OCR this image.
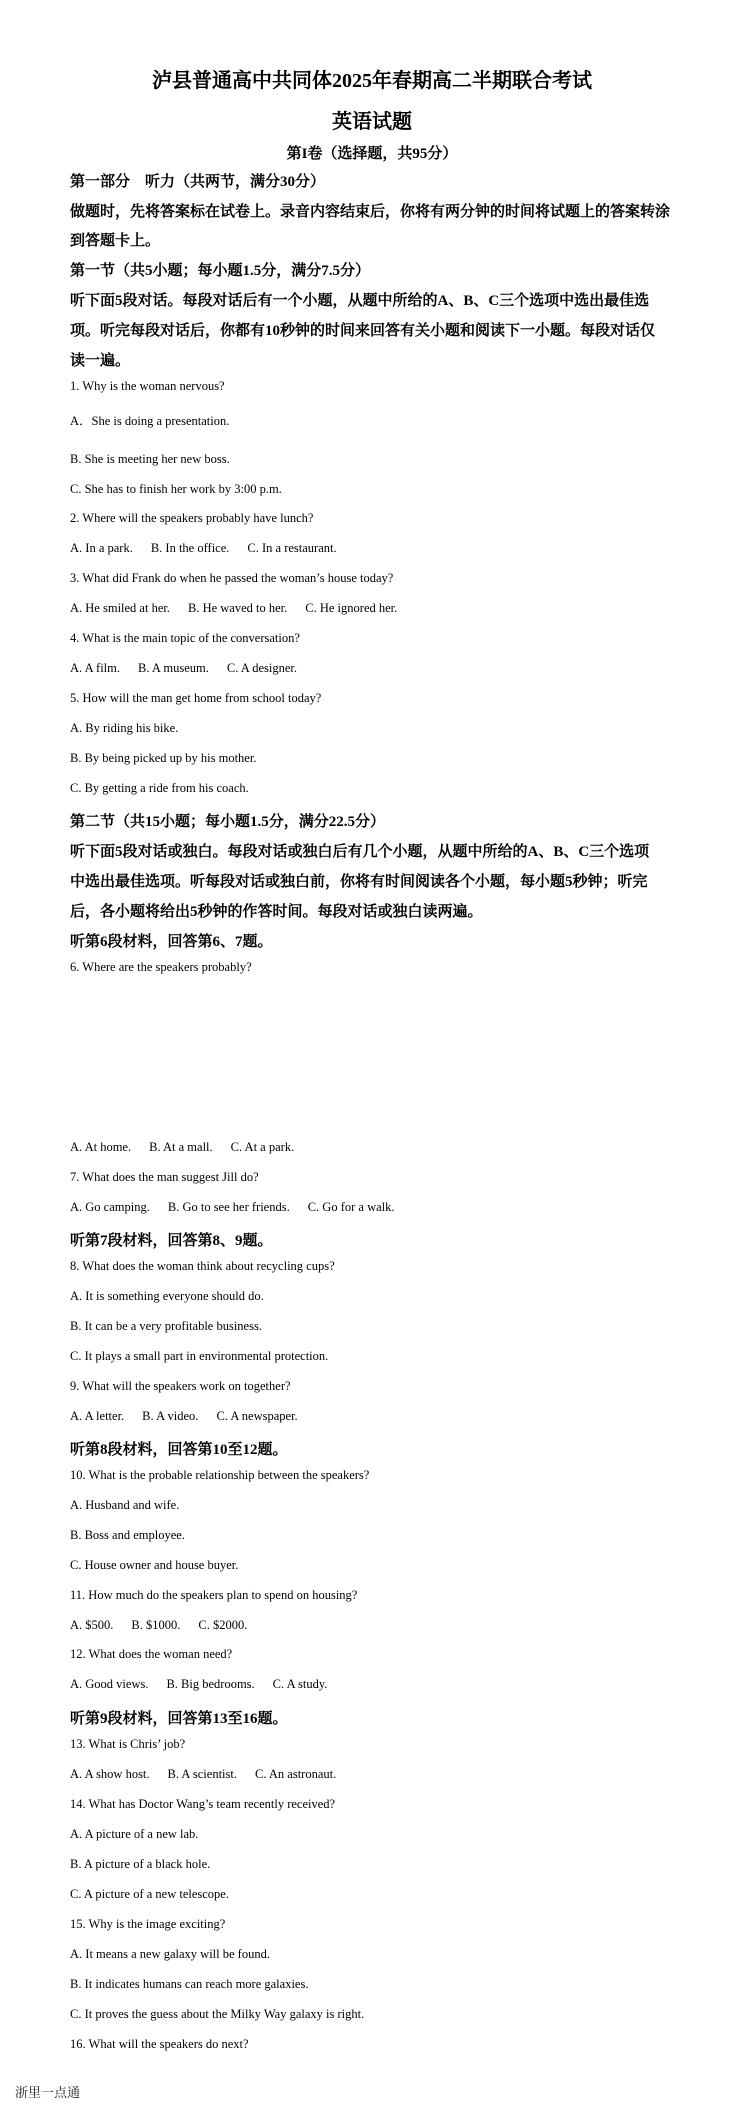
泸县普通高中共同体2025年春期高二半期联合考试
英语试题
第I卷（选择题，共95分）
第一部分　听力（共两节，满分30分）
做题时，先将答案标在试卷上。录音内容结束后，你将有两分钟的时间将试题上的答案转涂
到答题卡上。
第一节（共5小题；每小题1.5分，满分7.5分）
听下面5段对话。每段对话后有一个小题，从题中所给的A、B、C三个选项中选出最佳选
项。听完每段对话后，你都有10秒钟的时间来回答有关小题和阅读下一小题。每段对话仅
读一遍。
1. Why is the woman nervous?
A．She is doing a presentation.
B. She is meeting her new boss.
C. She has to finish her work by 3:00 p.m.
2. Where will the speakers probably have lunch?
A. In a park. B. In the office. C. In a restaurant.
3. What did Frank do when he passed the woman’s house today?
A. He smiled at her. B. He waved to her. C. He ignored her.
4. What is the main topic of the conversation?
A. A film. B. A museum. C. A designer.
5. How will the man get home from school today?
A. By riding his bike.
B. By being picked up by his mother.
C. By getting a ride from his coach.
第二节（共15小题；每小题1.5分，满分22.5分）
听下面5段对话或独白。每段对话或独白后有几个小题，从题中所给的A、B、C三个选项
中选出最佳选项。听每段对话或独白前，你将有时间阅读各个小题，每小题5秒钟；听完
后，各小题将给出5秒钟的作答时间。每段对话或独白读两遍。
听第6段材料，回答第6、7题。
6. Where are the speakers probably?
A. At home. B. At a mall. C. At a park.
7. What does the man suggest Jill do?
A. Go camping. B. Go to see her friends. C. Go for a walk.
听第7段材料，回答第8、9题。
8. What does the woman think about recycling cups?
A. It is something everyone should do.
B. It can be a very profitable business.
C. It plays a small part in environmental protection.
9. What will the speakers work on together?
A. A letter. B. A video. C. A newspaper.
听第8段材料，回答第10至12题。
10. What is the probable relationship between the speakers?
A. Husband and wife.
B. Boss and employee.
C. House owner and house buyer.
11. How much do the speakers plan to spend on housing?
A. $500. B. $1000. C. $2000.
12. What does the woman need?
A. Good views. B. Big bedrooms. C. A study.
听第9段材料，回答第13至16题。
13. What is Chris’ job?
A. A show host. B. A scientist. C. An astronaut.
14. What has Doctor Wang’s team recently received?
A. A picture of a new lab.
B. A picture of a black hole.
C. A picture of a new telescope.
15. Why is the image exciting?
A. It means a new galaxy will be found.
B. It indicates humans can reach more galaxies.
C. It proves the guess about the Milky Way galaxy is right.
16. What will the speakers do next?
浙里一点通
